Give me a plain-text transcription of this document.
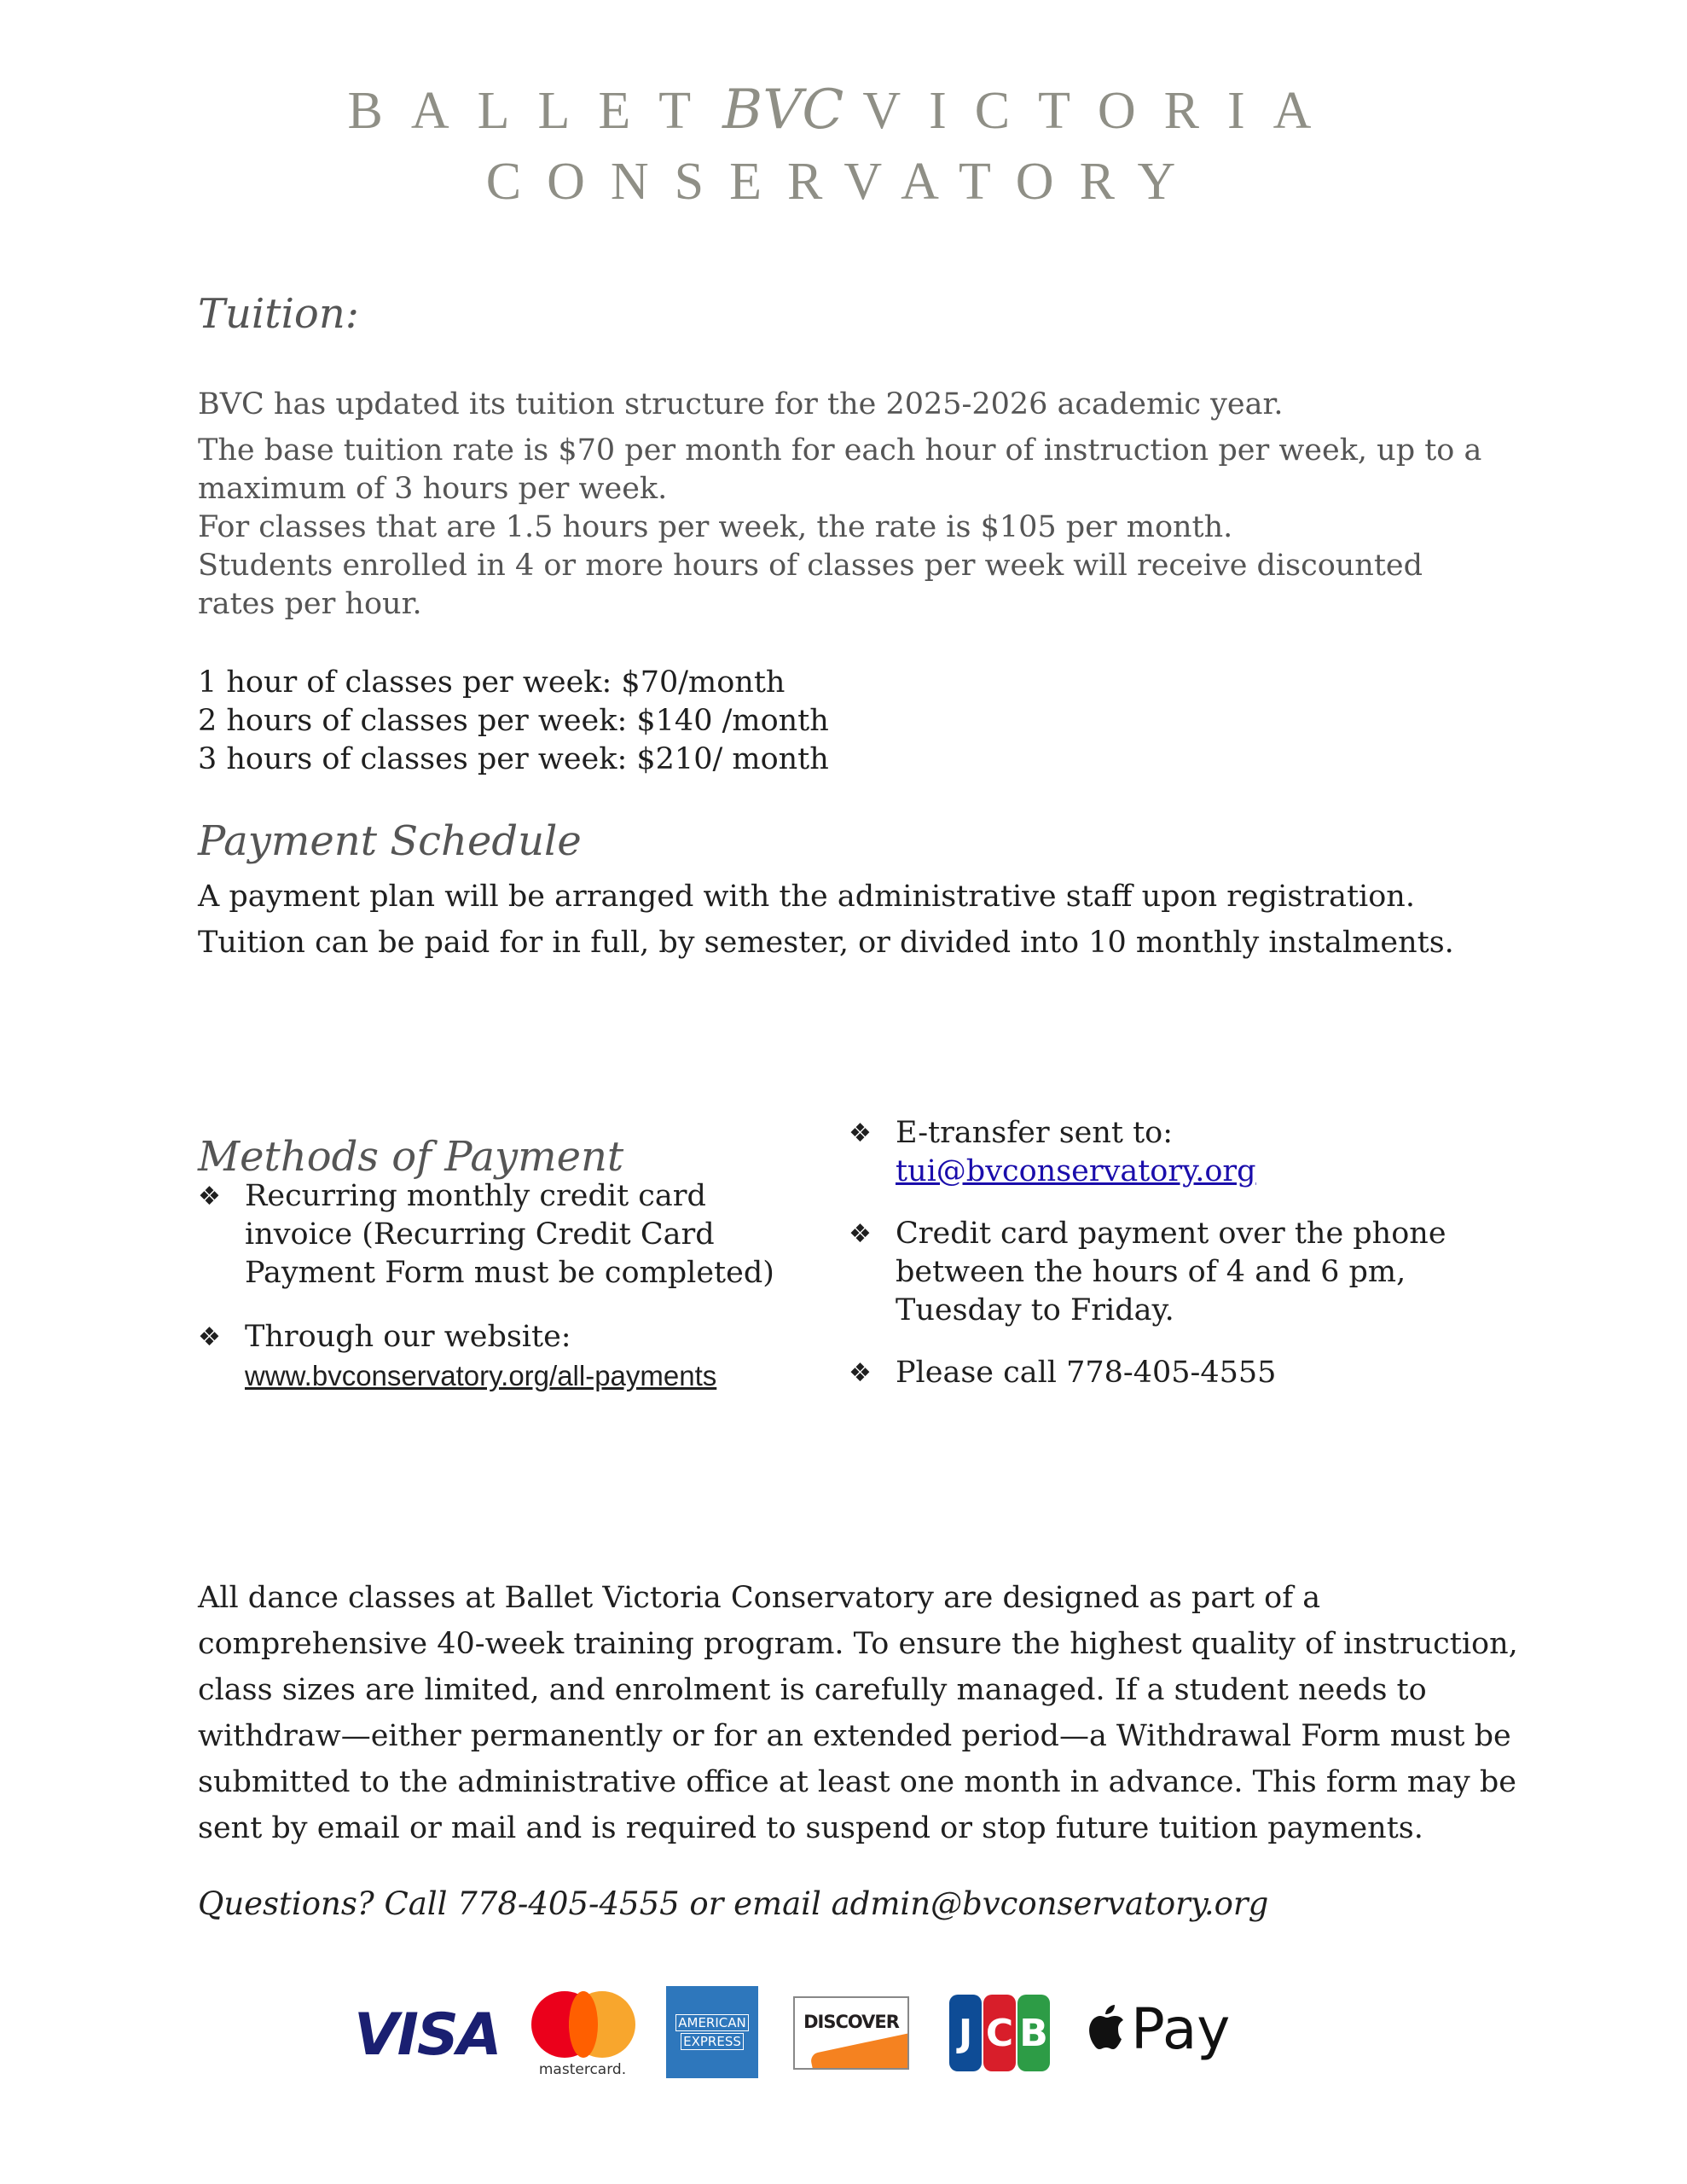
BALLETBVC VICTORIA
CONSERVATORY
Tuition:
BVC has updated its tuition structure for the 2025-2026 academic year.
The base tuition rate is $70 per month for each hour of instruction per week, up to a maximum of 3 hours per week.
For classes that are 1.5 hours per week, the rate is $105 per month.
Students enrolled in 4 or more hours of classes per week will receive discounted rates per hour.
1 hour of classes per week: $70/month
2 hours of classes per week: $140 /month
3 hours of classes per week: $210/ month
Payment Schedule
A payment plan will be arranged with the administrative staff upon registration. Tuition can be paid for in full, by semester, or divided into 10 monthly instalments.
Methods of Payment
❖ Recurring monthly credit card invoice (Recurring Credit Card Payment Form must be completed)
❖ Through our website:
www.bvconservatory.org/all-payments
❖ E-transfer sent to: tui@bvconservatory.org
❖ Credit card payment over the phone between the hours of 4 and 6 pm, Tuesday to Friday.
❖ Please call 778-405-4555
All dance classes at Ballet Victoria Conservatory are designed as part of a comprehensive 40-week training program. To ensure the highest quality of instruction, class sizes are limited, and enrolment is carefully managed. If a student needs to withdraw—either permanently or for an extended period—a Withdrawal Form must be submitted to the administrative office at least one month in advance. This form may be sent by email or mail and is required to suspend or stop future tuition payments.
Questions? Call 778-405-4555 or email admin@bvconservatory.org
VISA
mastercard.
AMERICAN
EXPRESS
DISCOVER J C B	Pay
